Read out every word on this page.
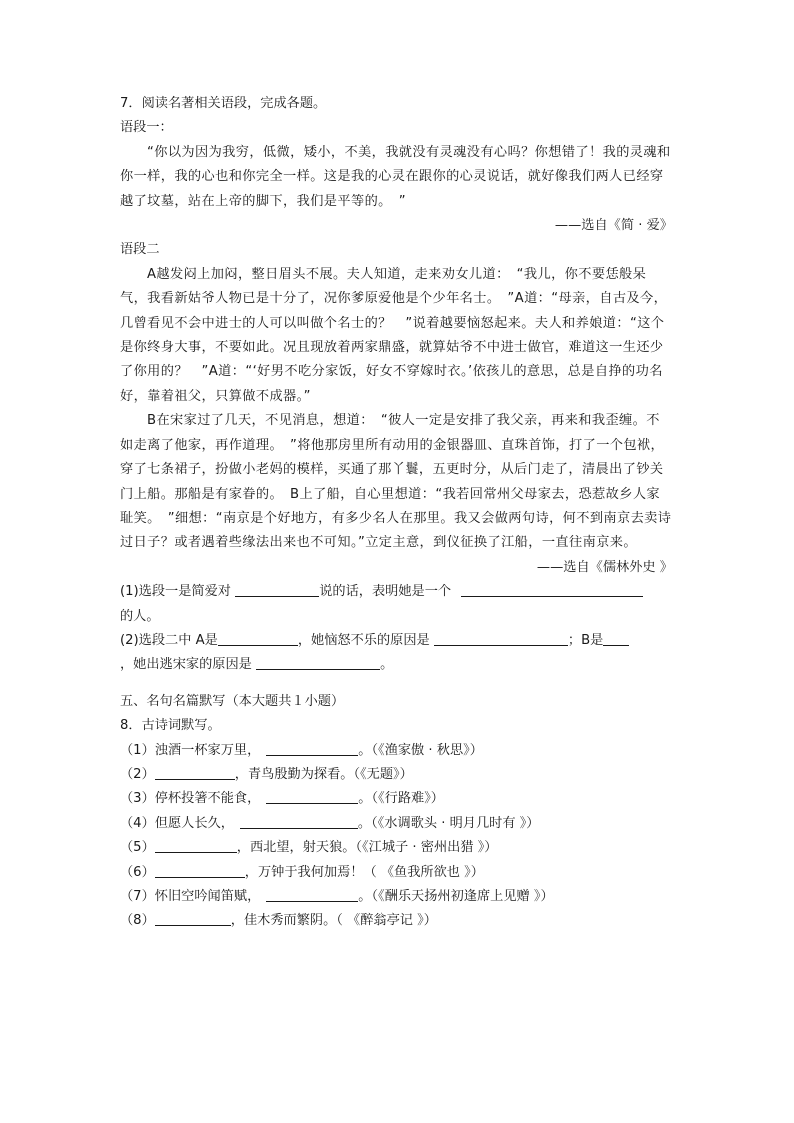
7．阅读名著相关语段，完成各题。
语段一：
“你以为因为我穷，低微，矮小，不美，我就没有灵魂没有心吗？你想错了！我的灵魂和你一样，我的心也和你完全一样。这是我的心灵在跟你的心灵说话，就好像我们两人已经穿越了坟墓，站在上帝的脚下，我们是平等的。　”
——选自《简 · 爱》
语段二
A越发闷上加闷，整日眉头不展。夫人知道，走来劝女儿道：　“我儿，你不要恁般呆气，我看新姑爷人物已是十分了，况你爹原爱他是个少年名士。　”A道：“母亲，自古及今，几曾看见不会中进士的人可以叫做个名士的？　”说着越要恼怒起来。夫人和养娘道：“这个是你终身大事，不要如此。况且现放着两家鼎盛，就算姑爷不中进士做官，难道这一生还少了你用的？　”A道：“‘好男不吃分家饭，好女不穿嫁时衣。’依孩儿的意思，总是自挣的功名好，靠着祖父，只算做不成器。”
B在宋家过了几天，不见消息，想道：　“彼人一定是安排了我父亲，再来和我歪缠。不如走离了他家，再作道理。　”将他那房里所有动用的金银器皿、直珠首饰，打了一个包袱，穿了七条裙子，扮做小老妈的模样，买通了那丫鬟，五更时分，从后门走了，清晨出了钞关门上船。那船是有家眷的。　B上了船，自心里想道：“我若回常州父母家去，恐惹故乡人家耻笑。　”细想：“南京是个好地方，有多少名人在那里。我又会做两句诗，何不到南京去卖诗过日子？或者遇着些缘法出来也不可知。”立定主意，到仪征换了江船，一直往南京来。
——选自《儒林外史 》
(1)选段一是简爱对	说的话，表明她是一个
的人。
(2)选段二中 A是	，她恼怒不乐的原因是	；B是
，她出逃宋家的原因是	。
五、名句名篇默写（本大题共１小题）
8．古诗词默写。
（1）浊酒一杯家万里，	。（《渔家傲 · 秋思》）
（2）	，青鸟殷勤为探看。（《无题》）
（3）停杯投箸不能食，	。（《行路难》）
（4）但愿人长久，	。（《水调歌头 · 明月几时有 》）
（5）	，西北望，射天狼。（《江城子 · 密州出猎 》）
（6）	，万钟于我何加焉！（ 《鱼我所欲也 》）
（7）怀旧空吟闻笛赋，	。（《酬乐天扬州初逢席上见赠 》）
（8）	，佳木秀而繁阴。（ 《醉翁亭记 》）
